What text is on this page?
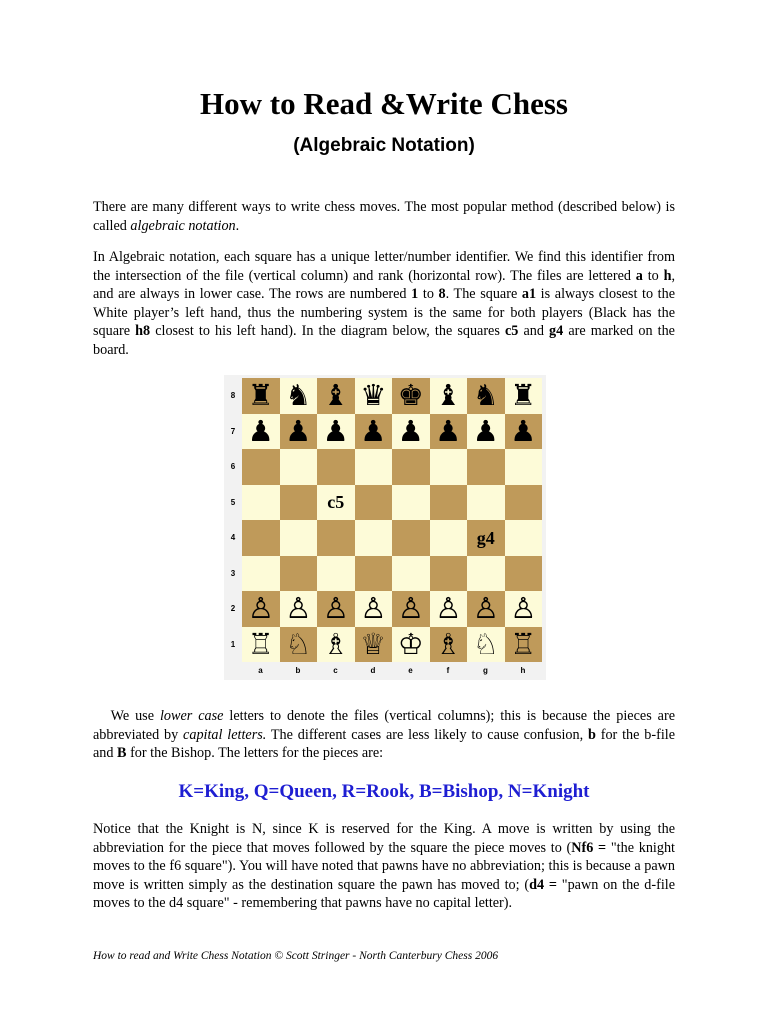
How to Read &Write Chess
(Algebraic Notation)
There are many different ways to write chess moves. The most popular method (described below) is called algebraic notation.
In Algebraic notation, each square has a unique letter/number identifier. We find this identifier from the intersection of the file (vertical column) and rank (horizontal row). The files are lettered a to h, and are always in lower case. The rows are numbered 1 to 8. The square a1 is always closest to the White player’s left hand, thus the numbering system is the same for both players (Black has the square h8 closest to his left hand). In the diagram below, the squares c5 and g4 are marked on the board.
♜ ♞ ♝ ♛ ♚ ♝ ♞ ♜
♟ ♟ ♟ ♟ ♟ ♟ ♟ ♟
c5
g4
♙ ♙ ♙ ♙ ♙ ♙ ♙ ♙
♖ ♘ ♗ ♕ ♔ ♗ ♘ ♖
8
7
6
5
4
3
2
1
a	b	c	d	e	f	g	h
We use lower case letters to denote the files (vertical columns); this is because the pieces are abbreviated by capital letters. The different cases are less likely to cause confusion, b for the b-file and B for the Bishop. The letters for the pieces are:
K=King, Q=Queen, R=Rook, B=Bishop, N=Knight
Notice that the Knight is N, since K is reserved for the King. A move is written by using the abbreviation for the piece that moves followed by the square the piece moves to (Nf6 = "the knight moves to the f6 square"). You will have noted that pawns have no abbreviation; this is because a pawn move is written simply as the destination square the pawn has moved to; (d4 = "pawn on the d-file moves to the d4 square" - remembering that pawns have no capital letter).
How to read and Write Chess Notation © Scott Stringer - North Canterbury Chess 2006
